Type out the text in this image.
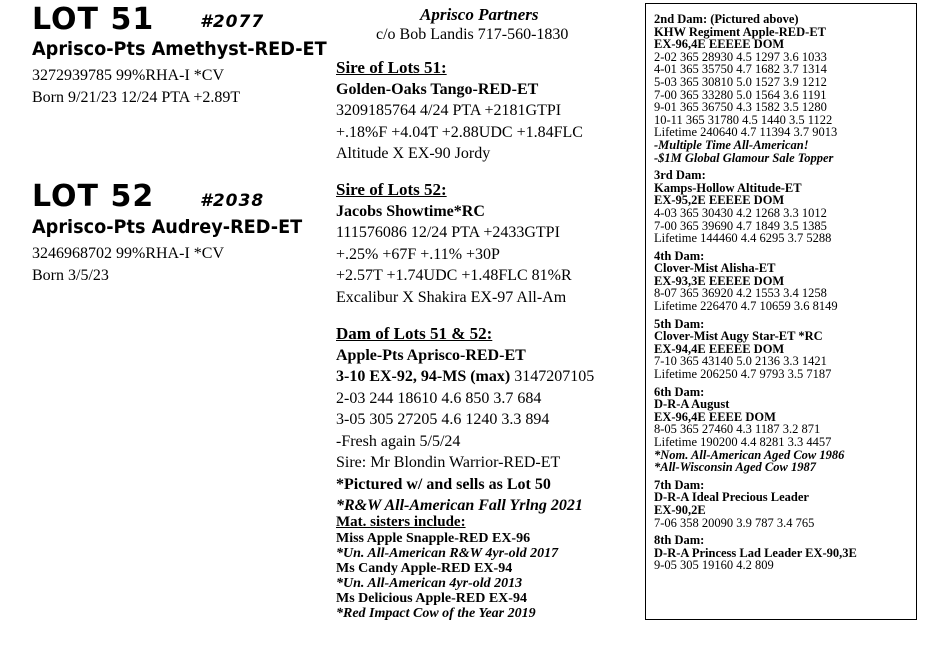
LOT 51	#2077
Aprisco-Pts Amethyst-RED-ET
3272939785 99%RHA-I *CV
Born 9/21/23 12/24 PTA +2.89T
LOT 52	#2038
Aprisco-Pts Audrey-RED-ET
3246968702 99%RHA-I *CV
Born 3/5/23
Aprisco Partners
c/o Bob Landis 717-560-1830
Sire of Lots 51:
Golden-Oaks Tango-RED-ET
3209185764 4/24 PTA +2181GTPI
+.18%F +4.04T +2.88UDC +1.84FLC
Altitude X EX-90 Jordy
Sire of Lots 52:
Jacobs Showtime*RC
111576086 12/24 PTA +2433GTPI
+.25% +67F +.11% +30P
+2.57T +1.74UDC +1.48FLC 81%R
Excalibur X Shakira EX-97 All-Am
Dam of Lots 51 & 52:
Apple-Pts Aprisco-RED-ET
3-10 EX-92, 94-MS (max) 3147207105
2-03 244 18610 4.6 850 3.7 684
3-05 305 27205 4.6 1240 3.3 894
-Fresh again 5/5/24
Sire: Mr Blondin Warrior-RED-ET
*Pictured w/ and sells as Lot 50
*R&W All-American Fall Yrlng 2021
Mat. sisters include:
Miss Apple Snapple-RED EX-96
*Un. All-American R&W 4yr-old 2017
Ms Candy Apple-RED EX-94
*Un. All-American 4yr-old 2013
Ms Delicious Apple-RED EX-94
*Red Impact Cow of the Year 2019
2nd Dam: (Pictured above)
KHW Regiment Apple-RED-ET
EX-96,4E EEEEE DOM
2-02 365 28930 4.5 1297 3.6 1033
4-01 365 35750 4.7 1682 3.7 1314
5-03 365 30810 5.0 1527 3.9 1212
7-00 365 33280 5.0 1564 3.6 1191
9-01 365 36750 4.3 1582 3.5 1280
10-11 365 31780 4.5 1440 3.5 1122
Lifetime 240640 4.7 11394 3.7 9013
-Multiple Time All-American!
-$1M Global Glamour Sale Topper
3rd Dam:
Kamps-Hollow Altitude-ET
EX-95,2E EEEEE DOM
4-03 365 30430 4.2 1268 3.3 1012
7-00 365 39690 4.7 1849 3.5 1385
Lifetime 144460 4.4 6295 3.7 5288
4th Dam:
Clover-Mist Alisha-ET
EX-93,3E EEEEE DOM
8-07 365 36920 4.2 1553 3.4 1258
Lifetime 226470 4.7 10659 3.6 8149
5th Dam:
Clover-Mist Augy Star-ET *RC
EX-94,4E EEEEE DOM
7-10 365 43140 5.0 2136 3.3 1421
Lifetime 206250 4.7 9793 3.5 7187
6th Dam:
D-R-A August
EX-96,4E EEEE DOM
8-05 365 27460 4.3 1187 3.2 871
Lifetime 190200 4.4 8281 3.3 4457
*Nom. All-American Aged Cow 1986
*All-Wisconsin Aged Cow 1987
7th Dam:
D-R-A Ideal Precious Leader
EX-90,2E
7-06 358 20090 3.9 787 3.4 765
8th Dam:
D-R-A Princess Lad Leader EX-90,3E
9-05 305 19160 4.2 809
